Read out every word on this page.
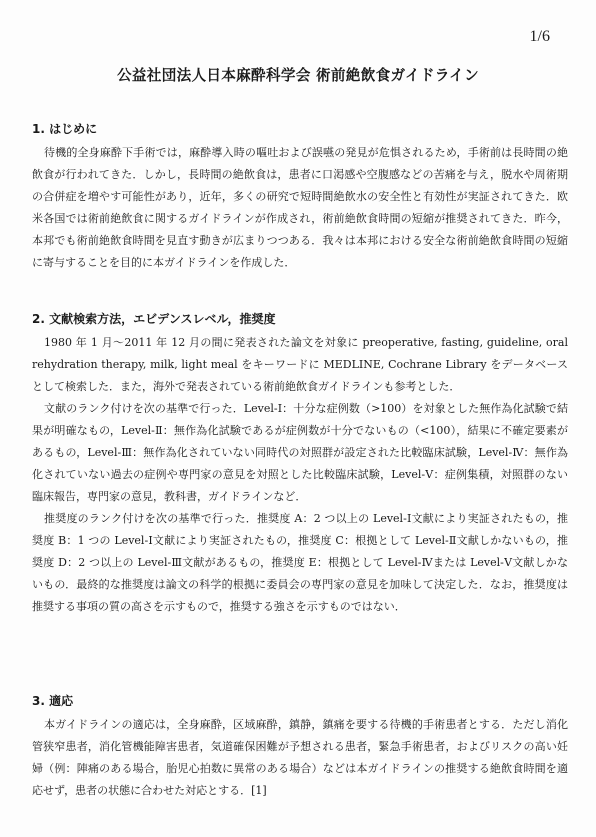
1/6
公益社団法人日本麻酔科学会 術前絶飲食ガイドライン
1. はじめに

待機的全身麻酔下手術では，麻酔導入時の嘔吐および誤嚥の発見が危惧されるため，手術前は長時間の絶飲食が行われてきた．しかし，長時間の絶飲食は，患者に口渇感や空腹感などの苦痛を与え，脱水や周術期の合併症を増やす可能性があり，近年，多くの研究で短時間絶飲水の安全性と有効性が実証されてきた．欧米各国では術前絶飲食に関するガイドラインが作成され，術前絶飲食時間の短縮が推奨されてきた．昨今，本邦でも術前絶飲食時間を見直す動きが広まりつつある．我々は本邦における安全な術前絶飲食時間の短縮に寄与することを目的に本ガイドラインを作成した．

2. 文献検索方法，エビデンスレベル，推奨度

1980 年 1 月～2011 年 12 月の間に発表された論文を対象に preoperative, fasting, guideline, oral rehydration therapy, milk, light meal をキーワードに MEDLINE, Cochrane Library をデータベースとして検索した．また，海外で発表されている術前絶飲食ガイドラインも参考とした．

文献のランク付けを次の基準で行った．Level-Ⅰ：十分な症例数（>100）を対象とした無作為化試験で結果が明確なもの，Level-Ⅱ：無作為化試験であるが症例数が十分でないもの（<100），結果に不確定要素があるもの，Level-Ⅲ：無作為化されていない同時代の対照群が設定された比較臨床試験，Level-Ⅳ：無作為化されていない過去の症例や専門家の意見を対照とした比較臨床試験，Level-Ⅴ：症例集積，対照群のない臨床報告，専門家の意見，教科書，ガイドラインなど．

推奨度のランク付けを次の基準で行った．推奨度 A：2 つ以上の Level-Ⅰ文献により実証されたもの，推奨度 B：1 つの Level-Ⅰ文献により実証されたもの，推奨度 C：根拠として Level-Ⅱ文献しかないもの，推奨度 D：2 つ以上の Level-Ⅲ文献があるもの，推奨度 E：根拠として Level-Ⅳまたは Level-Ⅴ文献しかないもの．最終的な推奨度は論文の科学的根拠に委員会の専門家の意見を加味して決定した．なお，推奨度は推奨する事項の質の高さを示すもので，推奨する強さを示すものではない．

3. 適応

本ガイドラインの適応は，全身麻酔，区域麻酔，鎮静，鎮痛を要する待機的手術患者とする．ただし消化管狭窄患者，消化管機能障害患者，気道確保困難が予想される患者，緊急手術患者，およびリスクの高い妊婦（例：陣痛のある場合，胎児心拍数に異常のある場合）などは本ガイドラインの推奨する絶飲食時間を適応せず，患者の状態に合わせた対応とする．[1]
